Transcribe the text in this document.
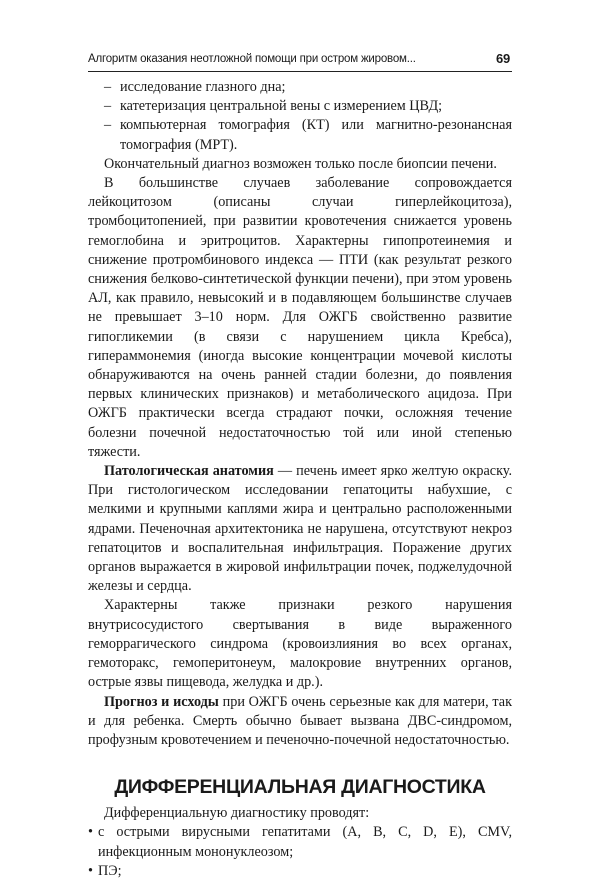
Алгоритм оказания неотложной помощи при остром жировом...	69
– исследование глазного дна;
– катетеризация центральной вены с измерением ЦВД;
– компьютерная томография (КТ) или магнитно-резонансная томография (МРТ).

Окончательный диагноз возможен только после биопсии печени.

В большинстве случаев заболевание сопровождается лейкоцитозом (описаны случаи гиперлейкоцитоза), тромбоцитопенией, при развитии кровотечения снижается уровень гемоглобина и эритроцитов. Характерны гипопротеинемия и снижение протромбинового индекса — ПТИ (как результат резкого снижения белково-синтетической функции печени), при этом уровень АЛ, как правило, невысокий и в подавляющем большинстве случаев не превышает 3–10 норм. Для ОЖГБ свойственно развитие гипогликемии (в связи с нарушением цикла Кребса), гипераммонемия (иногда высокие концентрации мочевой кислоты обнаруживаются на очень ранней стадии болезни, до появления первых клинических признаков) и метаболического ацидоза. При ОЖГБ практически всегда страдают почки, осложняя течение болезни почечной недостаточностью той или иной степенью тяжести.

Патологическая анатомия — печень имеет ярко желтую окраску. При гистологическом исследовании гепатоциты набухшие, с мелкими и крупными каплями жира и центрально расположенными ядрами. Печеночная архитектоника не нарушена, отсутствуют некроз гепатоцитов и воспалительная инфильтрация. Поражение других органов выражается в жировой инфильтрации почек, поджелудочной железы и сердца.

Характерны также признаки резкого нарушения внутрисосудистого свертывания в виде выраженного геморрагического синдрома (кровоизлияния во всех органах, гемоторакс, гемоперитонеум, малокровие внутренних органов, острые язвы пищевода, желудка и др.).

Прогноз и исходы при ОЖГБ очень серьезные как для матери, так и для ребенка. Смерть обычно бывает вызвана ДВС-синдромом, профузным кровотечением и печеночно-почечной недостаточностью.

ДИФФЕРЕНЦИАЛЬНАЯ ДИАГНОСТИКА

Дифференциальную диагностику проводят:

• с острыми вирусными гепатитами (A, B, C, D, E), CMV, инфекционным мононуклеозом;
• ПЭ;
